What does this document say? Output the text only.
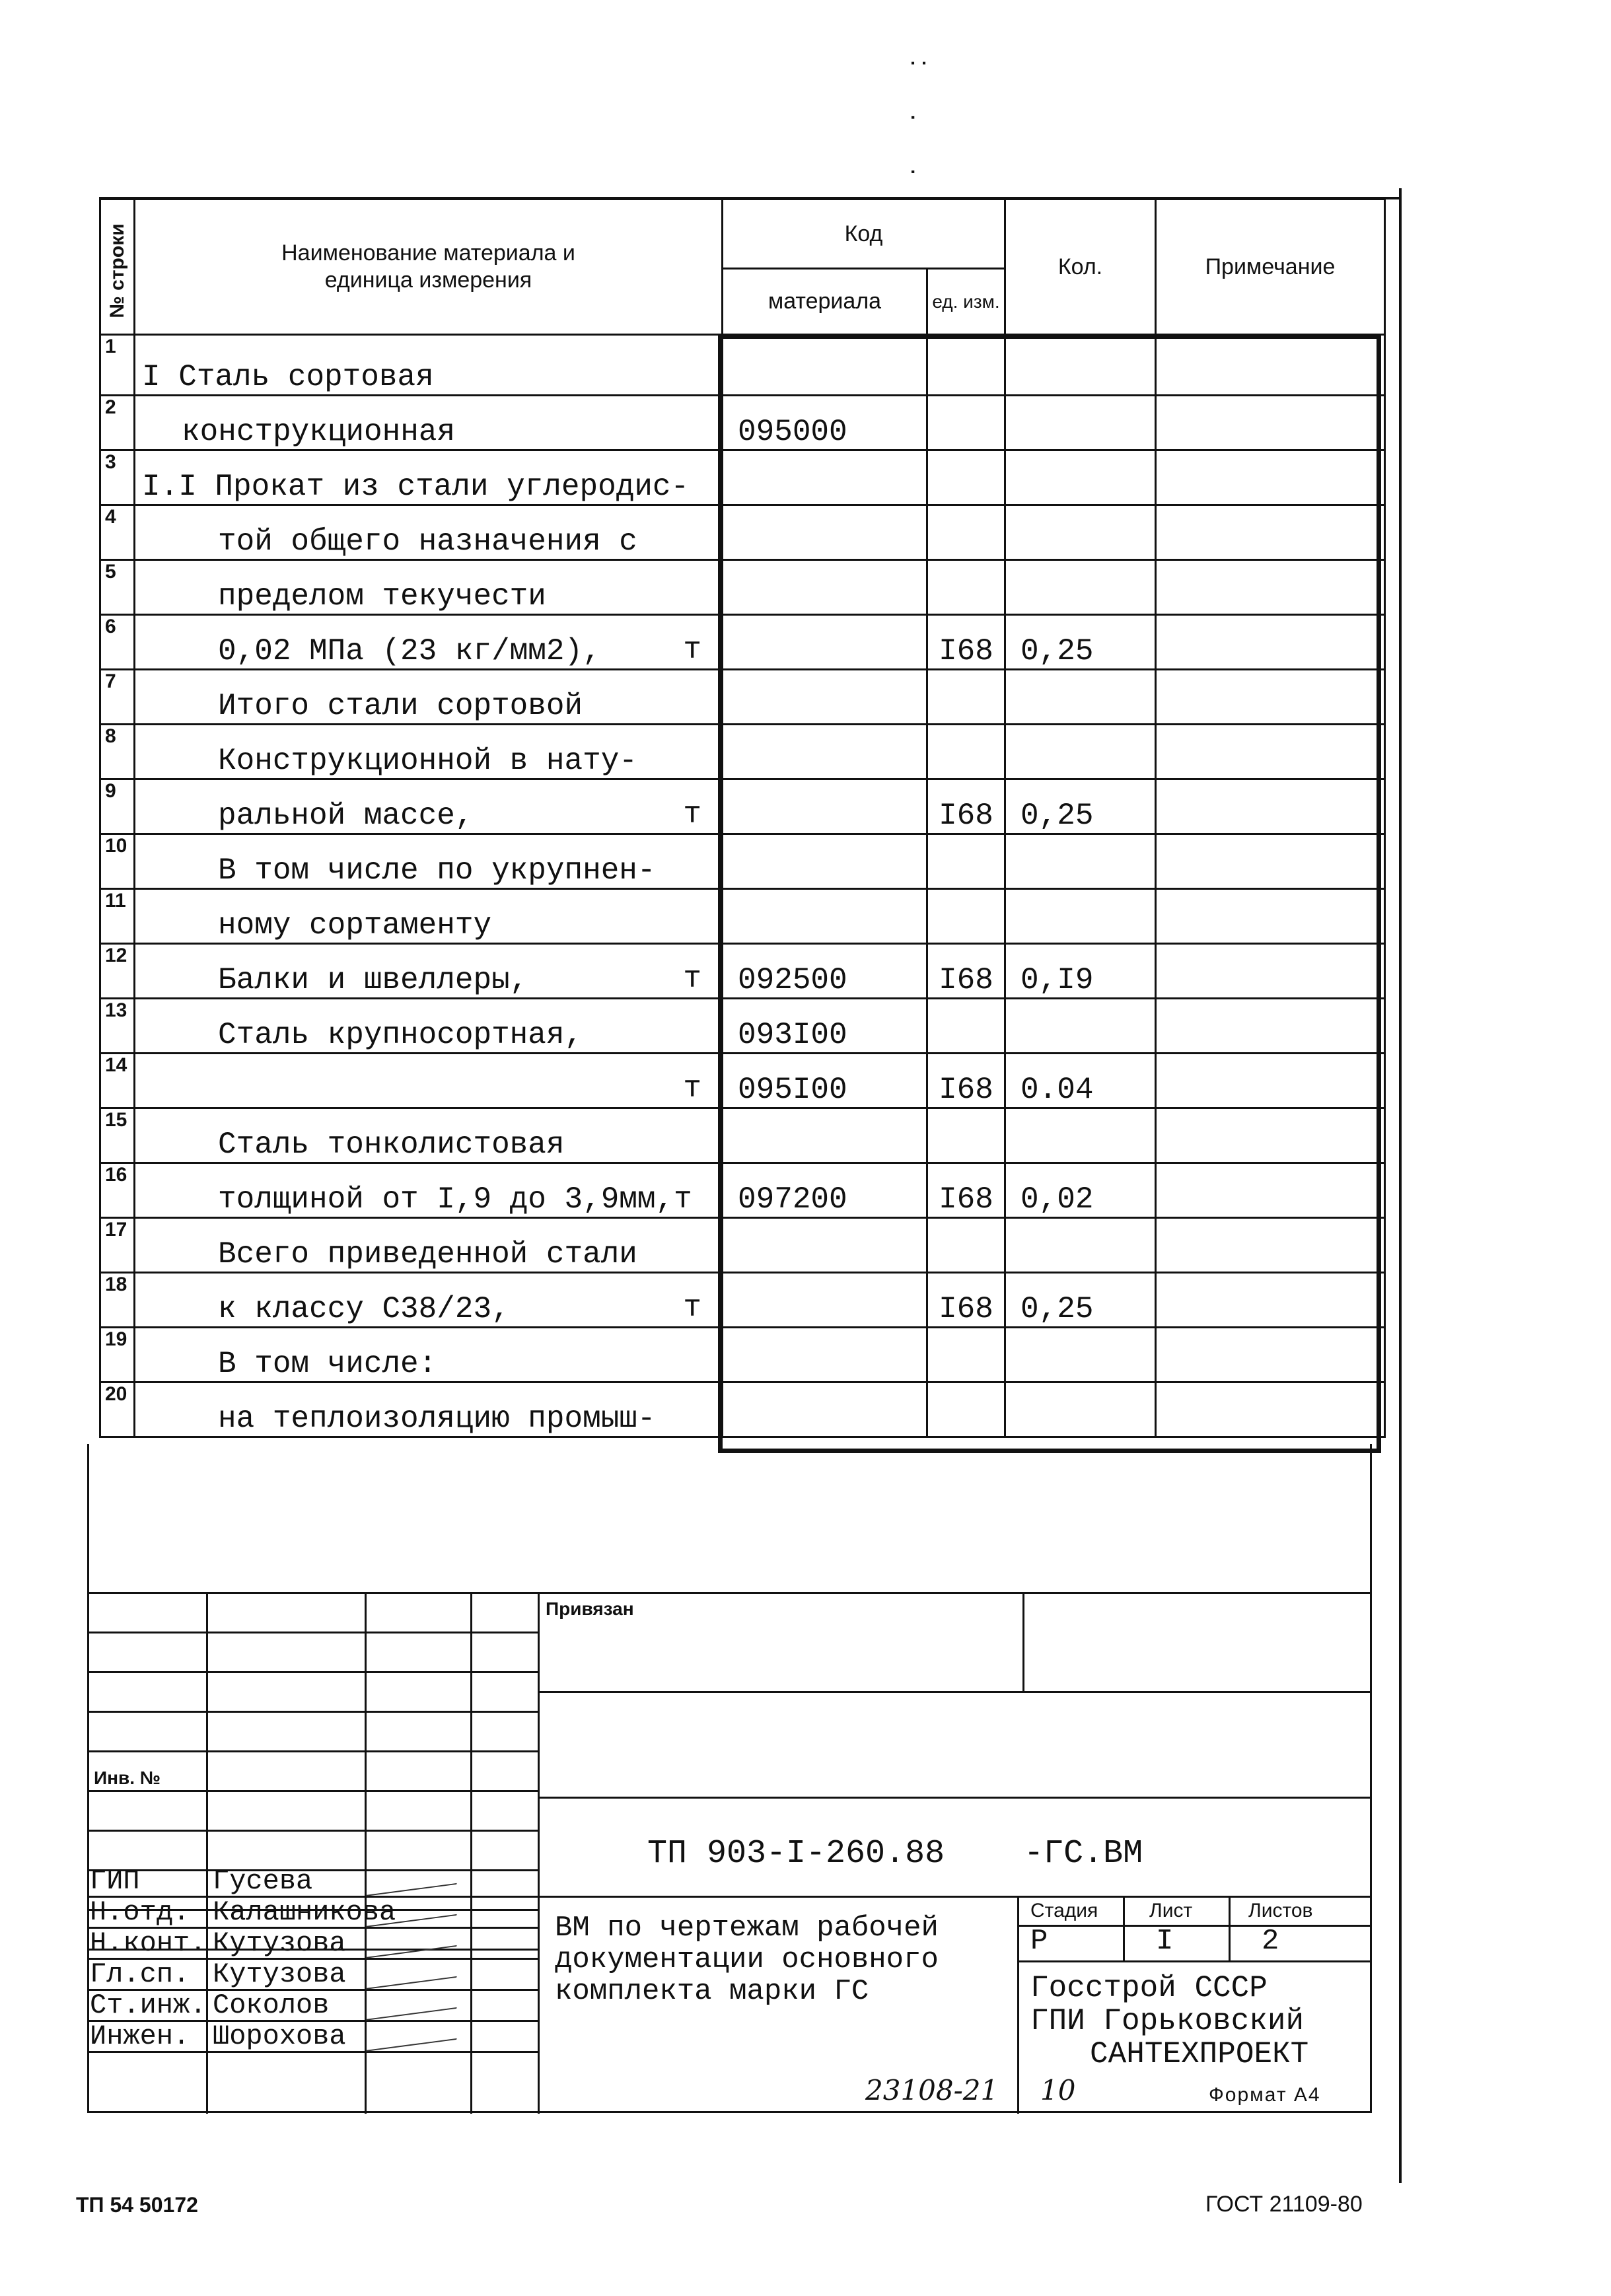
: . .
№ строки	Наименование материала и единица измерения	Код		Кол.	Примечание
		материала	ед. изм.		
1	I Сталь сортовая				
2	конструкционная	095000			
3	I.I Прокат из стали углеродис-				
4	той общего назначения с				
5	пределом текучести				
6	0,02 МПа (23 кг/мм2), т		I68	0,25	
7	Итого стали сортовой				
8	Конструкционной в нату-				
9	ральной массе, т		I68	0,25	
10	В том числе по укрупнен-				
11	ному сортаменту				
12	Балки и швеллеры, т	092500	I68	0,I9	
13	Сталь крупносортная,	093I00			
14	т	095I00	I68	0.04	
15	Сталь тонколистовая				
16	толщиной от I,9 до 3,9мм,т	097200	I68	0,02	
17	Всего приведенной стали				
18	к классу С38/23, т		I68	0,25	
19	В том числе:				
20	на теплоизоляцию промыш-				
Инв. №
ГИП	Гусева
Н.отд. Калашникова
Н.конт. Кутузова
Гл.сп. Кутузова
Ст.инж. Соколов
Инжен. Шорохова
Привязан
ТП 903-I-260.88    -ГС.ВМ
ВМ по чертежам рабочей документации основного комплекта марки ГС
Стадия	Лист	Листов
Р	I	2
Госстрой СССР
ГПИ Горьковский
САНТЕХПРОЕКТ
23108-21 10	Формат А4
ТП 54 50172	ГОСТ 21109-80
